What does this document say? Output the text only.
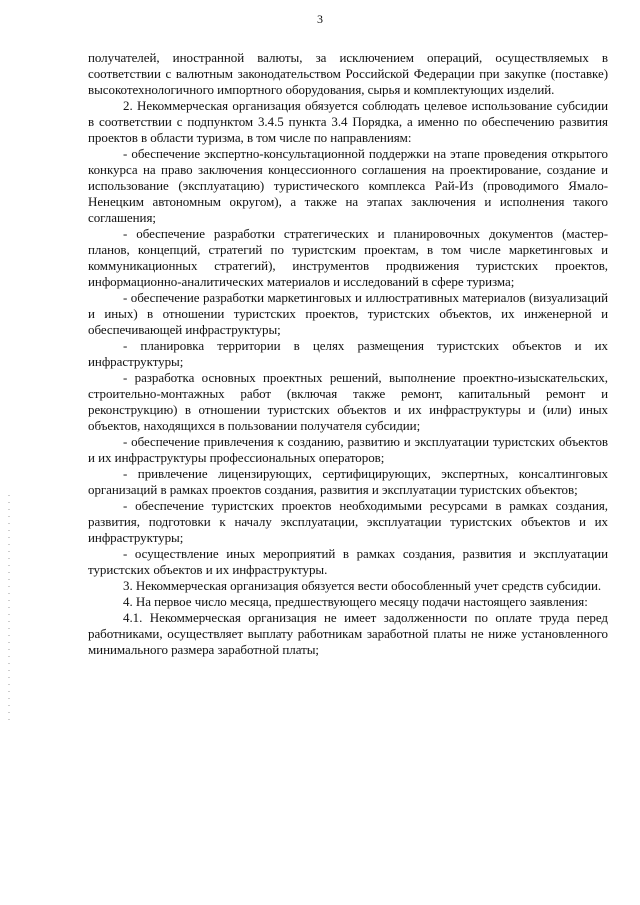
3

получателей, иностранной валюты, за исключением операций, осуществляемых в соответствии с валютным законодательством Российской Федерации при закупке (поставке) высокотехнологичного импортного оборудования, сырья и комплектующих изделий.

2. Некоммерческая организация обязуется соблюдать целевое использование субсидии в соответствии с подпунктом 3.4.5 пункта 3.4 Порядка, а именно по обеспечению развития проектов в области туризма, в том числе по направлениям:

- обеспечение экспертно-консультационной поддержки на этапе проведения открытого конкурса на право заключения концессионного соглашения на проектирование, создание и использование (эксплуатацию) туристического комплекса Рай-Из (проводимого Ямало-Ненецким автономным округом), а также на этапах заключения и исполнения такого соглашения;

- обеспечение разработки стратегических и планировочных документов (мастер-планов, концепций, стратегий по туристским проектам, в том числе маркетинговых и коммуникационных стратегий), инструментов продвижения туристских проектов, информационно-аналитических материалов и исследований в сфере туризма;

- обеспечение разработки маркетинговых и иллюстративных материалов (визуализаций и иных) в отношении туристских проектов, туристских объектов, их инженерной и обеспечивающей инфраструктуры;

- планировка территории в целях размещения туристских объектов и их инфраструктуры;

- разработка основных проектных решений, выполнение проектно-изыскательских, строительно-монтажных работ (включая также ремонт, капитальный ремонт и реконструкцию) в отношении туристских объектов и их инфраструктуры и (или) иных объектов, находящихся в пользовании получателя субсидии;

- обеспечение привлечения к созданию, развитию и эксплуатации туристских объектов и их инфраструктуры профессиональных операторов;

- привлечение лицензирующих, сертифицирующих, экспертных, консалтинговых организаций в рамках проектов создания, развития и эксплуатации туристских объектов;

- обеспечение туристских проектов необходимыми ресурсами в рамках создания, развития, подготовки к началу эксплуатации, эксплуатации туристских объектов и их инфраструктуры;

- осуществление иных мероприятий в рамках создания, развития и эксплуатации туристских объектов и их инфраструктуры.

3. Некоммерческая организация обязуется вести обособленный учет средств субсидии.

4. На первое число месяца, предшествующего месяцу подачи настоящего заявления:

4.1. Некоммерческая организация не имеет задолженности по оплате труда перед работниками, осуществляет выплату работникам заработной платы не ниже установленного минимального размера заработной платы;
